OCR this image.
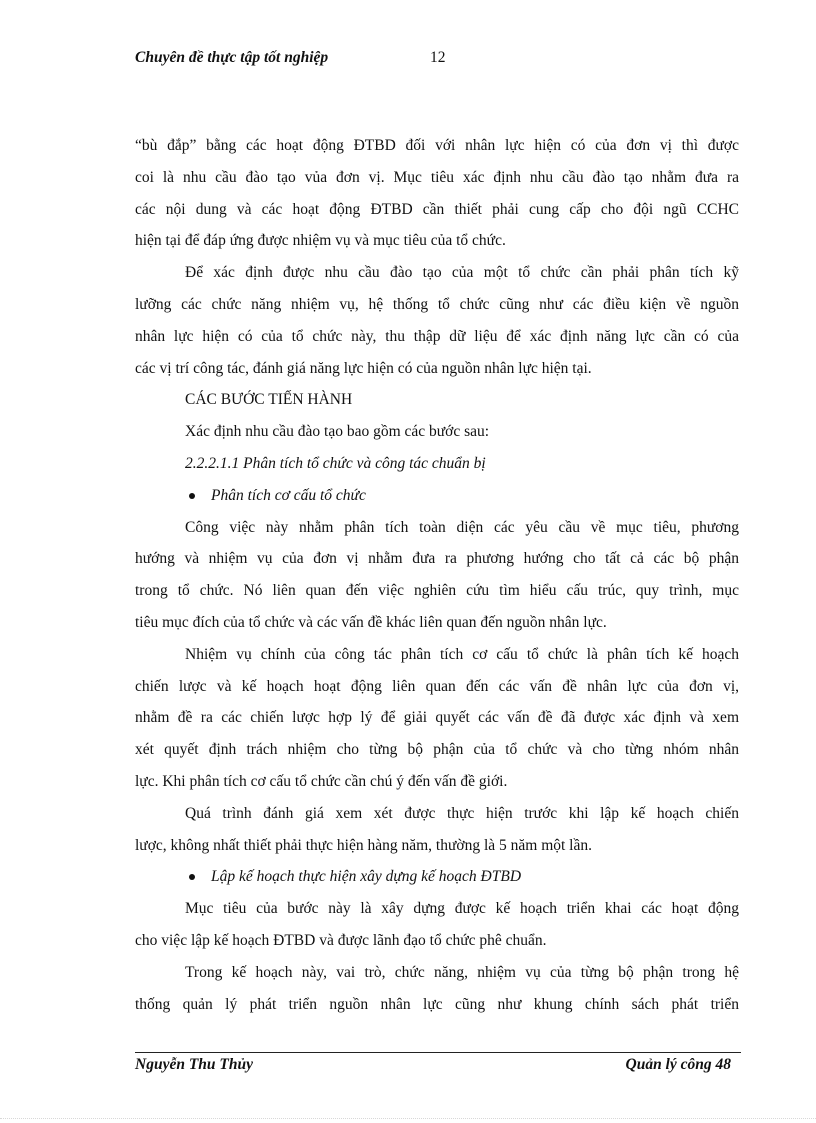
Chuyên đề thực tập tốt nghiệp	12
“bù đắp” bằng các hoạt động ĐTBD đối với nhân lực hiện có của đơn vị thì được
coi là nhu cầu đào tạo vủa đơn vị. Mục tiêu xác định nhu cầu đào tạo nhằm đưa ra
các nội dung và các hoạt động ĐTBD cần thiết phải cung cấp cho đội ngũ CCHC
hiện tại để đáp ứng được nhiệm vụ và mục tiêu của tổ chức.
Để xác định được nhu cầu đào tạo của một tổ chức cần phải phân tích kỹ
lưỡng các chức năng nhiệm vụ, hệ thống tổ chức cũng như các điều kiện về nguồn
nhân lực hiện có của tổ chức này, thu thập dữ liệu để xác định năng lực cần có của
các vị trí công tác, đánh giá năng lực hiện có của nguồn nhân lực hiện tại.
CÁC BƯỚC TIẾN HÀNH
Xác định nhu cầu đào tạo bao gồm các bước sau:
2.2.2.1.1 Phân tích tổ chức và công tác chuẩn bị
Phân tích cơ cấu tổ chức
Công việc này nhằm phân tích toàn diện các yêu cầu về mục tiêu, phương
hướng và nhiệm vụ của đơn vị nhằm đưa ra phương hướng cho tất cả các bộ phận
trong tổ chức. Nó liên quan đến việc nghiên cứu tìm hiểu cấu trúc, quy trình, mục
tiêu mục đích của tổ chức và các vấn đề khác liên quan đến nguồn nhân lực.
Nhiệm vụ chính của công tác phân tích cơ cấu tổ chức là phân tích kế hoạch
chiến lược và kế hoạch hoạt động liên quan đến các vấn đề nhân lực của đơn vị,
nhằm đề ra các chiến lược hợp lý để giải quyết các vấn đề đã được xác định và xem
xét quyết định trách nhiệm cho từng bộ phận của tổ chức và cho từng nhóm nhân
lực. Khi phân tích cơ cấu tổ chức cần chú ý đến vấn đề giới.
Quá trình đánh giá xem xét được thực hiện trước khi lập kế hoạch chiến
lược, không nhất thiết phải thực hiện hàng năm, thường là 5 năm một lần.
Lập kế hoạch thực hiện xây dựng kế hoạch ĐTBD
Mục tiêu của bước này là xây dựng được kế hoạch triển khai các hoạt động
cho việc lập kế hoạch ĐTBD và được lãnh đạo tổ chức phê chuẩn.
Trong kế hoạch này, vai trò, chức năng, nhiệm vụ của từng bộ phận trong hệ
thống quản lý phát triển nguồn nhân lực cũng như khung chính sách phát triển
Nguyễn Thu Thủy	Quản lý công 48
